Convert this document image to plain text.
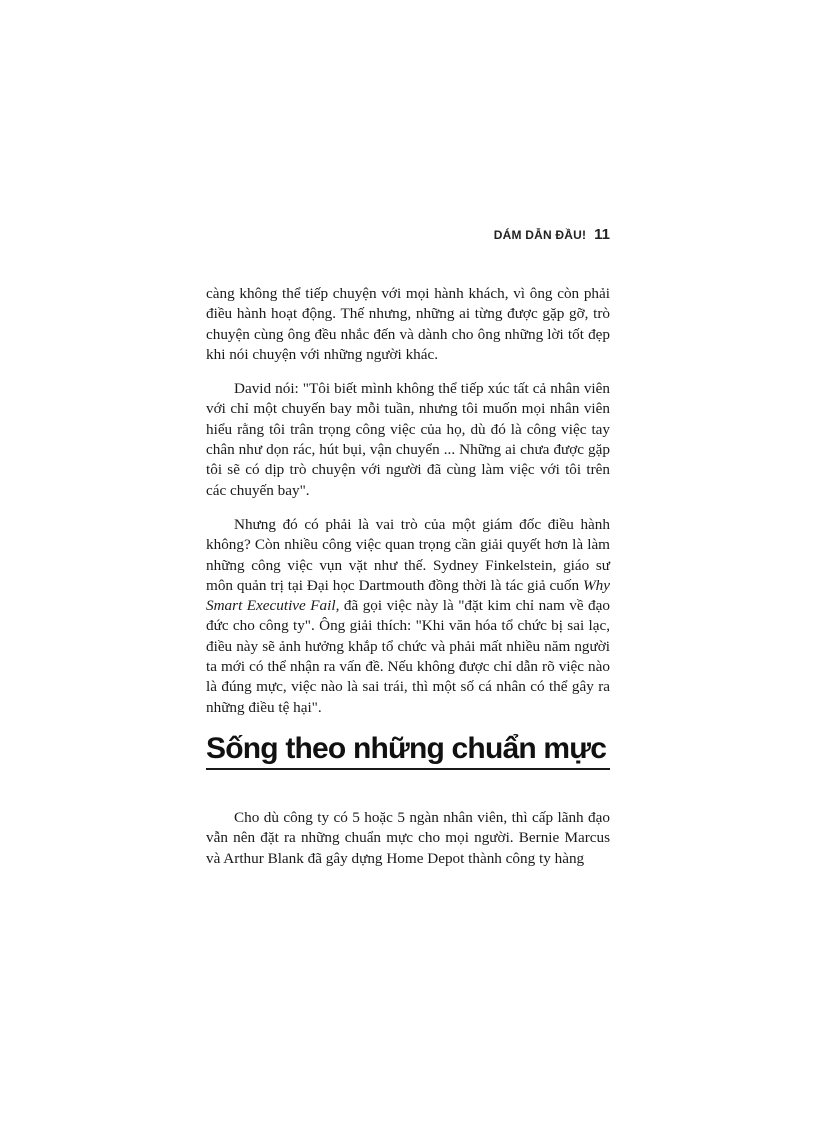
DÁM DẪN ĐẦU! 11

càng không thể tiếp chuyện với mọi hành khách, vì ông còn phải điều hành hoạt động. Thế nhưng, những ai từng được gặp gỡ, trò chuyện cùng ông đều nhắc đến và dành cho ông những lời tốt đẹp khi nói chuyện với những người khác.

David nói: "Tôi biết mình không thể tiếp xúc tất cả nhân viên với chỉ một chuyến bay mỗi tuần, nhưng tôi muốn mọi nhân viên hiểu rằng tôi trân trọng công việc của họ, dù đó là công việc tay chân như dọn rác, hút bụi, vận chuyển ... Những ai chưa được gặp tôi sẽ có dịp trò chuyện với người đã cùng làm việc với tôi trên các chuyến bay".

Nhưng đó có phải là vai trò của một giám đốc điều hành không? Còn nhiều công việc quan trọng cần giải quyết hơn là làm những công việc vụn vặt như thế. Sydney Finkelstein, giáo sư môn quản trị tại Đại học Dartmouth đồng thời là tác giả cuốn Why Smart Executive Fail, đã gọi việc này là "đặt kim chỉ nam về đạo đức cho công ty". Ông giải thích: "Khi văn hóa tổ chức bị sai lạc, điều này sẽ ảnh hưởng khắp tổ chức và phải mất nhiều năm người ta mới có thể nhận ra vấn đề. Nếu không được chỉ dẫn rõ việc nào là đúng mực, việc nào là sai trái, thì một số cá nhân có thể gây ra những điều tệ hại".

Sống theo những chuẩn mực

Cho dù công ty có 5 hoặc 5 ngàn nhân viên, thì cấp lãnh đạo vẫn nên đặt ra những chuẩn mực cho mọi người. Bernie Marcus và Arthur Blank đã gây dựng Home Depot thành công ty hàng
